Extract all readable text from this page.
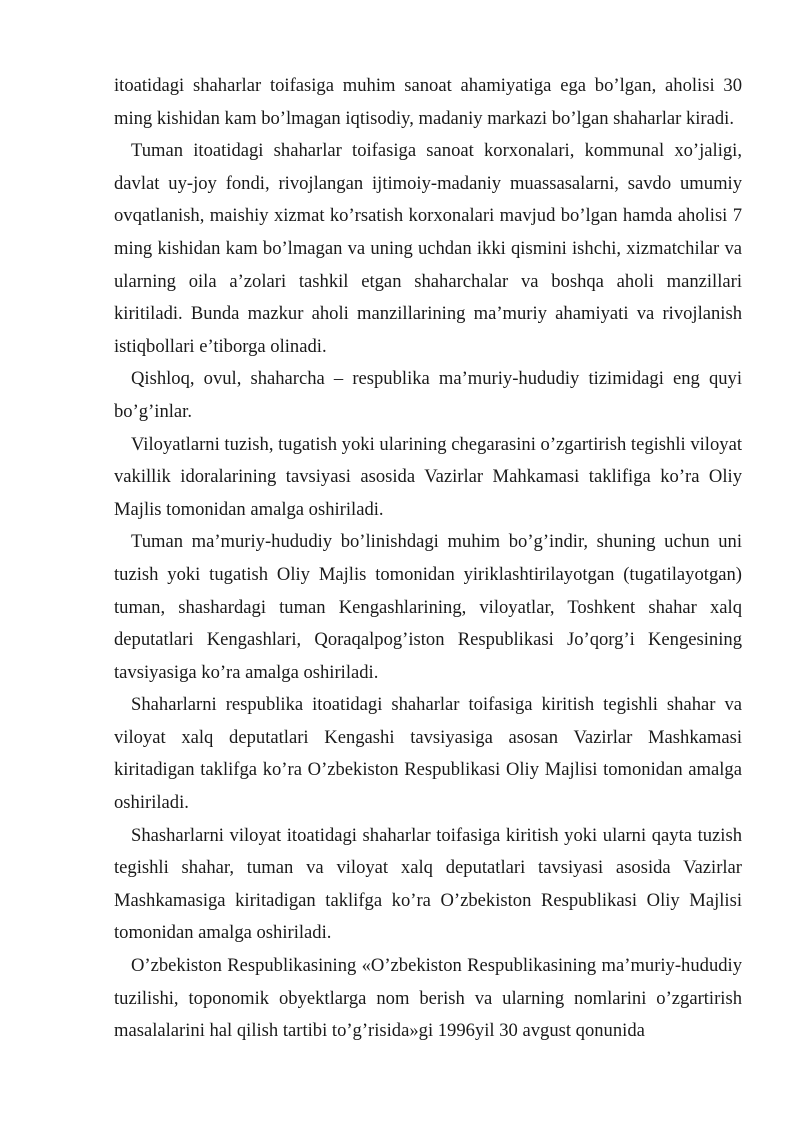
itoatidagi shaharlar toifasiga muhim sanoat ahamiyatiga ega bo’lgan, aholisi 30 ming kishidan kam bo’lmagan iqtisodiy, madaniy markazi bo’lgan shaharlar kiradi.

Tuman itoatidagi shaharlar toifasiga sanoat korxonalari, kommunal xo’jaligi, davlat uy-joy fondi, rivojlangan ijtimoiy-madaniy muassasalarni, savdo umumiy ovqatlanish, maishiy xizmat ko’rsatish korxonalari mavjud bo’lgan hamda aholisi 7 ming kishidan kam bo’lmagan va uning uchdan ikki qismini ishchi, xizmatchilar va ularning oila a’zolari tashkil etgan shaharchalar va boshqa aholi manzillari kiritiladi. Bunda mazkur aholi manzillarining ma’muriy ahamiyati va rivojlanish istiqbollari e’tiborga olinadi.

Qishloq, ovul, shaharcha – respublika ma’muriy-hududiy tizimidagi eng quyi bo’g’inlar.

Viloyatlarni tuzish, tugatish yoki ularining chegarasini o’zgartirish tegishli viloyat vakillik idoralarining tavsiyasi asosida Vazirlar Mahkamasi taklifiga ko’ra Oliy Majlis tomonidan amalga oshiriladi.

Tuman ma’muriy-hududiy bo’linishdagi muhim bo’g’indir, shuning uchun uni tuzish yoki tugatish Oliy Majlis tomonidan yiriklashtirilayotgan (tugatilayotgan) tuman, shashardagi tuman Kengashlarining, viloyatlar, Toshkent shahar xalq deputatlari Kengashlari, Qoraqalpog’iston Respublikasi Jo’qorg’i Kengesining tavsiyasiga ko’ra amalga oshiriladi.

Shaharlarni respublika itoatidagi shaharlar toifasiga kiritish tegishli shahar va viloyat xalq deputatlari Kengashi tavsiyasiga asosan Vazirlar Mashkamasi kiritadigan taklifga ko’ra O’zbekiston Respublikasi Oliy Majlisi tomonidan amalga oshiriladi.

Shasharlarni viloyat itoatidagi shaharlar toifasiga kiritish yoki ularni qayta tuzish tegishli shahar, tuman va viloyat xalq deputatlari tavsiyasi asosida Vazirlar Mashkamasiga kiritadigan taklifga ko’ra O’zbekiston Respublikasi Oliy Majlisi tomonidan amalga oshiriladi.

O’zbekiston Respublikasining «O’zbekiston Respublikasining ma’muriy-hududiy tuzilishi, toponomik obyektlarga nom berish va ularning nomlarini o’zgartirish masalalarini hal qilish tartibi to’g’risida»gi 1996yil 30 avgust qonunida
